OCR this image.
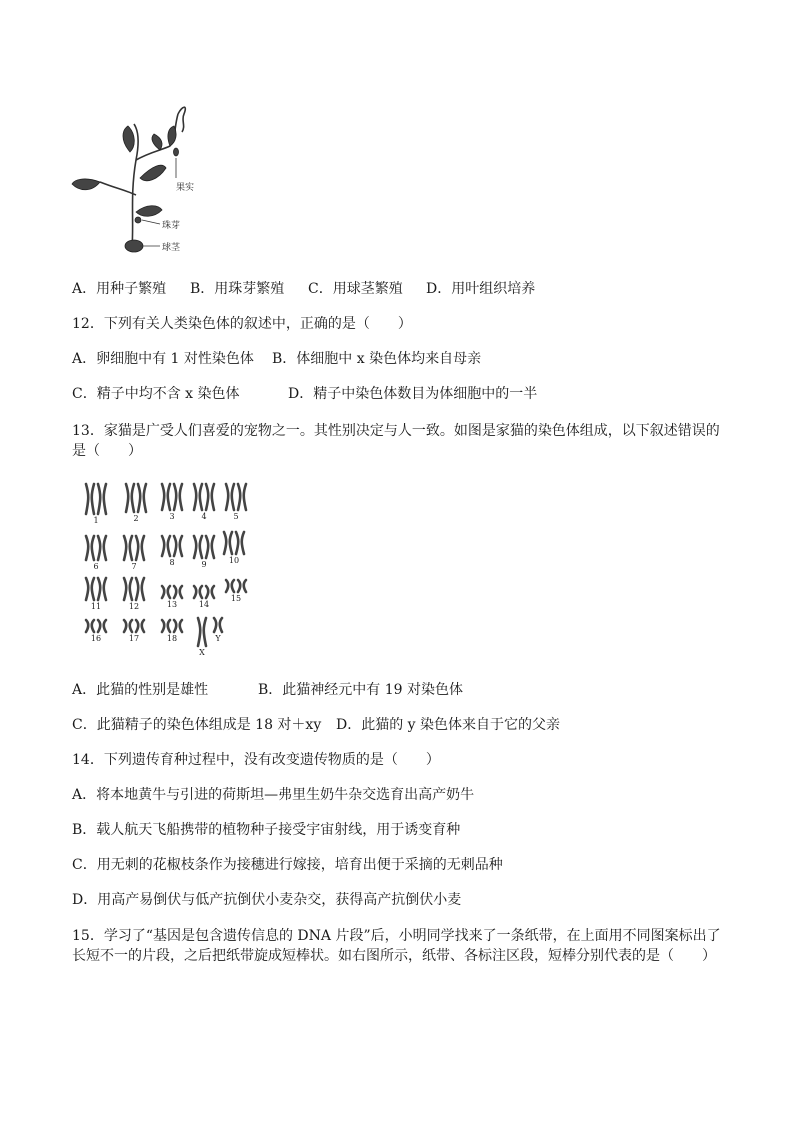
果实
珠芽
球茎
A．用种子繁殖 B．用珠芽繁殖 C．用球茎繁殖 D．用叶组织培养
12．下列有关人类染色体的叙述中，正确的是（　　）
A．卵细胞中有 1 对性染色体 B．体细胞中 x 染色体均来自母亲
C．精子中均不含 x 染色体	D．精子中染色体数目为体细胞中的一半
13．家猫是广受人们喜爱的宠物之一。其性别决定与人一致。如图是家猫的染色体组成，以下叙述错误的
是（　　）
1	2	3	4	5
6	7	8	9	10
11	12	13	14
15
16	17	18
X
Y
A．此猫的性别是雄性	B．此猫神经元中有 19 对染色体
C．此猫精子的染色体组成是 18 对＋xy D．此猫的 y 染色体来自于它的父亲
14．下列遗传育种过程中，没有改变遗传物质的是（　　）
A．将本地黄牛与引进的荷斯坦—弗里生奶牛杂交选育出高产奶牛
B．载人航天飞船携带的植物种子接受宇宙射线，用于诱变育种
C．用无刺的花椒枝条作为接穗进行嫁接，培育出便于采摘的无刺品种
D．用高产易倒伏与低产抗倒伏小麦杂交，获得高产抗倒伏小麦
15．学习了“基因是包含遗传信息的 DNA 片段”后，小明同学找来了一条纸带，在上面用不同图案标出了
长短不一的片段，之后把纸带旋成短棒状。如右图所示，纸带、各标注区段，短棒分别代表的是（　　）
